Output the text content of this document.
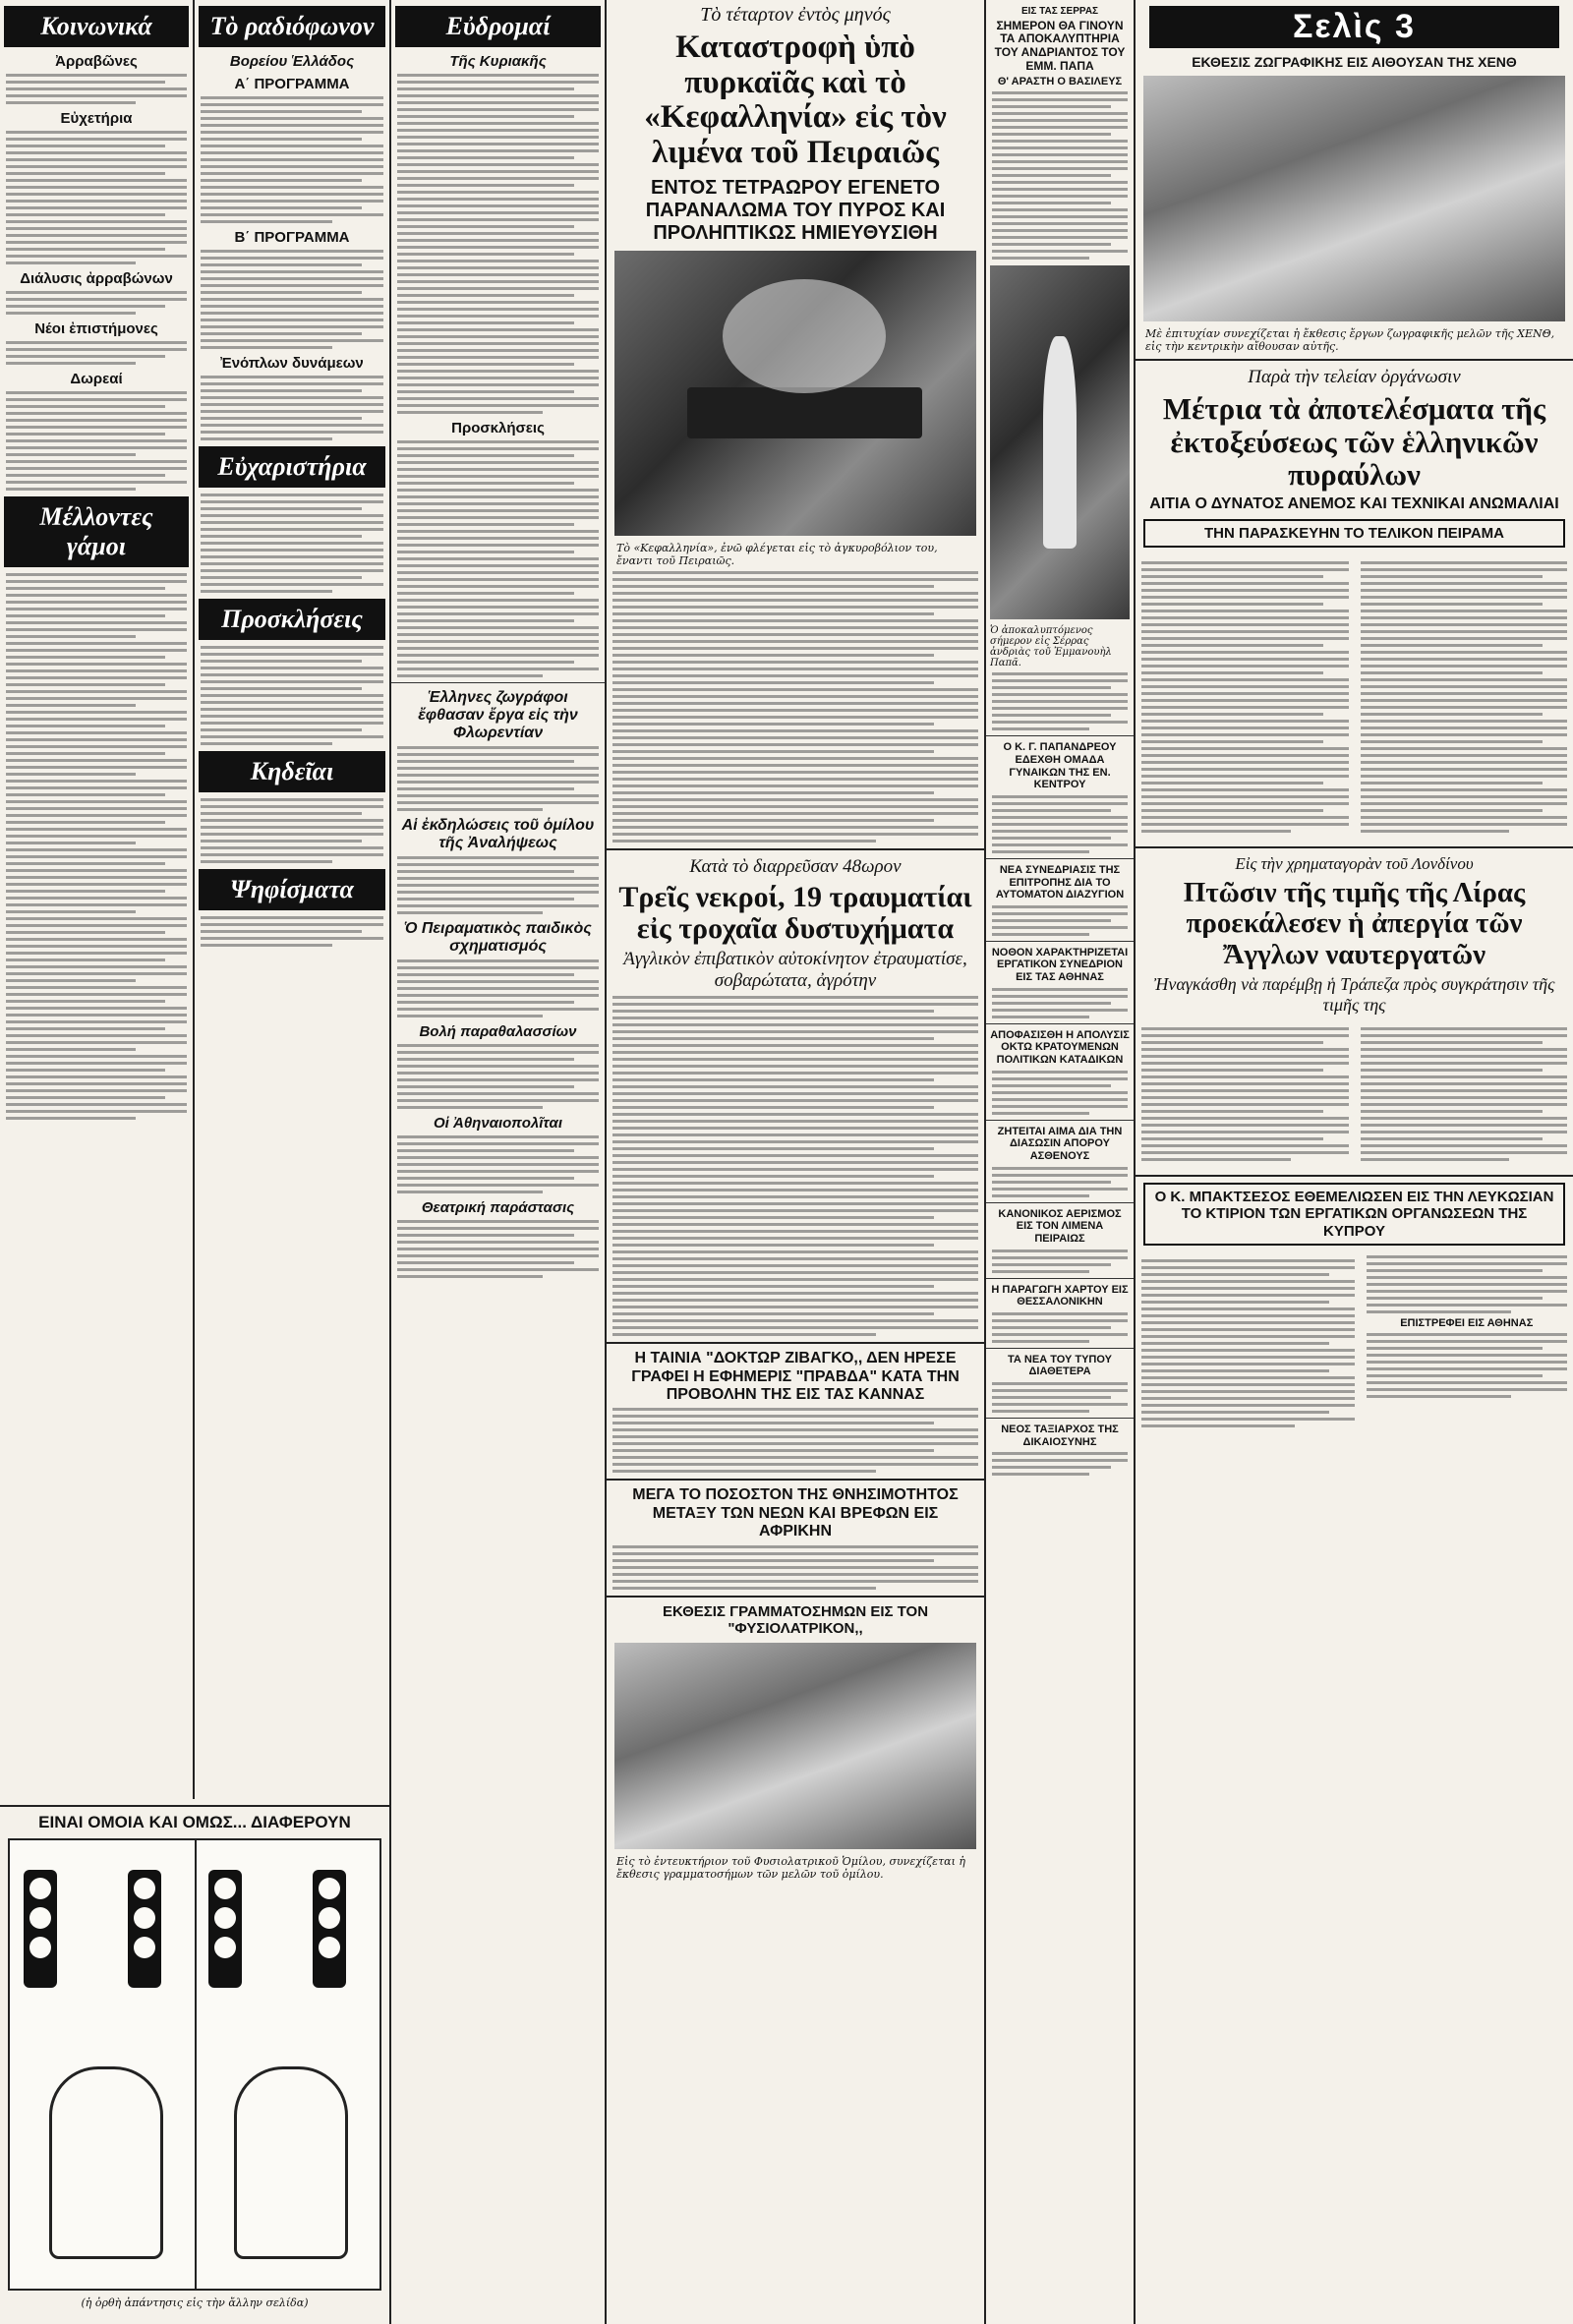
Κοινωνικά
Ἀρραβῶνες
Εὐχετήρια
Διάλυσις ἀρραβώνων
Νέοι ἐπιστήμονες
Δωρεαί
Μέλλοντες γάμοι
ΕΙΝΑΙ ΟΜΟΙΑ ΚΑΙ ΟΜΩΣ... ΔΙΑΦΕΡΟΥΝ
(ἡ ὀρθὴ ἀπάντησις εἰς τὴν ἄλλην σελίδα)
Τὸ ραδιόφωνον
Βορείου Ἑλλάδος
Α΄ ΠΡΟΓΡΑΜΜΑ
Β΄ ΠΡΟΓΡΑΜΜΑ
Ἐνόπλων δυνάμεων
Εὐχαριστήρια
Προσκλήσεις
Κηδεῖαι
Ψηφίσματα
Εὐδρομαί
Τῆς Κυριακῆς
Προσκλήσεις
Ἑλληνες ζωγράφοι ἔφθασαν ἔργα εἰς τὴν Φλωρεντίαν
Αἱ ἐκδηλώσεις τοῦ ὁμίλου τῆς Ἀναλήψεως
Ὁ Πειραματικὸς παιδικὸς σχηματισμός
Βολή παραθαλασσίων
Οἱ Ἀθηναιοπολῖται
Θεατρική παράστασις
Τὸ τέταρτον ἐντὸς μηνός
Καταστροφὴ ὑπὸ πυρκαϊᾶς καὶ τὸ «Κεφαλληνία» εἰς τὸν λιμένα τοῦ Πειραιῶς
ΕΝΤΟΣ ΤΕΤΡΑΩΡΟΥ ΕΓΕΝΕΤΟ ΠΑΡΑΝΑΛΩΜΑ ΤΟΥ ΠΥΡΟΣ ΚΑΙ ΠΡΟΛΗΠΤΙΚΩΣ ΗΜΙΕΥΘΥΣΙΘΗ
Τὸ «Κεφαλληνία», ἐνῶ φλέγεται εἰς τὸ ἀγκυροβόλιον του, ἔναντι τοῦ Πειραιῶς.
Κατὰ τὸ διαρρεῦσαν 48ωρον
Τρεῖς νεκροί, 19 τραυματίαι εἰς τροχαῖα δυστυχήματα
Ἀγγλικὸν ἐπιβατικὸν αὐτοκίνητον ἐτραυματίσε, σοβαρώτατα, ἀγρότην
Η ΤΑΙΝΙΑ "ΔΟΚΤΩΡ ΖΙΒΑΓΚΟ,, ΔΕΝ ΗΡΕΣΕ ΓΡΑΦΕΙ Η ΕΦΗΜΕΡΙΣ "ΠΡΑΒΔΑ" ΚΑΤΑ ΤΗΝ ΠΡΟΒΟΛΗΝ ΤΗΣ ΕΙΣ ΤΑΣ ΚΑΝΝΑΣ
ΜΕΓΑ ΤΟ ΠΟΣΟΣΤΟΝ ΤΗΣ ΘΝΗΣΙΜΟΤΗΤΟΣ ΜΕΤΑΞΥ ΤΩΝ ΝΕΩΝ ΚΑΙ ΒΡΕΦΩΝ ΕΙΣ ΑΦΡΙΚΗΝ
ΕΚΘΕΣΙΣ ΓΡΑΜΜΑΤΟΣΗΜΩΝ ΕΙΣ ΤΟΝ "ΦΥΣΙΟΛΑΤΡΙΚΟΝ,,
Εἰς τὸ ἐντευκτήριον τοῦ Φυσιολατρικοῦ Ὁμίλου, συνεχίζεται ἡ ἔκθεσις γραμματοσήμων τῶν μελῶν τοῦ ὁμίλου.
ΕΙΣ ΤΑΣ ΣΕΡΡΑΣ
ΣΗΜΕΡΟΝ ΘΑ ΓΙΝΟΥΝ ΤΑ ΑΠΟΚΑΛΥΠΤΗΡΙΑ ΤΟΥ ΑΝΔΡΙΑΝΤΟΣ ΤΟΥ ΕΜΜ. ΠΑΠΑ
Θ' ΑΡΑΣΤΗ Ο ΒΑΣΙΛΕΥΣ
Ὁ ἀποκαλυπτόμενος σήμερον εἰς Σέρρας ἀνδριὰς τοῦ Ἐμμανουὴλ Παπᾶ.
Ο Κ. Γ. ΠΑΠΑΝΔΡΕΟΥ ΕΔΕΧΘΗ ΟΜΑΔΑ ΓΥΝΑΙΚΩΝ ΤΗΣ ΕΝ. ΚΕΝΤΡΟΥ
ΝΕΑ ΣΥΝΕΔΡΙΑΣΙΣ ΤΗΣ ΕΠΙΤΡΟΠΗΣ ΔΙΑ ΤΟ ΑΥΤΟΜΑΤΟΝ ΔΙΑΖΥΓΙΟΝ
ΝΟΘΟΝ ΧΑΡΑΚΤΗΡΙΖΕΤΑΙ ΕΡΓΑΤΙΚΟΝ ΣΥΝΕΔΡΙΟΝ ΕΙΣ ΤΑΣ ΑΘΗΝΑΣ
ΑΠΟΦΑΣΙΣΘΗ Η ΑΠΟΛΥΣΙΣ ΟΚΤΩ ΚΡΑΤΟΥΜΕΝΩΝ ΠΟΛΙΤΙΚΩΝ ΚΑΤΑΔΙΚΩΝ
ΖΗΤΕΙΤΑΙ ΑΙΜΑ ΔΙΑ ΤΗΝ ΔΙΑΣΩΣΙΝ ΑΠΟΡΟΥ ΑΣΘΕΝΟΥΣ
ΚΑΝΟΝΙΚΟΣ ΑΕΡΙΣΜΟΣ ΕΙΣ ΤΟΝ ΛΙΜΕΝΑ ΠΕΙΡΑΙΩΣ
Η ΠΑΡΑΓΩΓΗ ΧΑΡΤΟΥ ΕΙΣ ΘΕΣΣΑΛΟΝΙΚΗΝ
ΤΑ ΝΕΑ ΤΟΥ ΤΥΠΟΥ ΔΙΑΘΕΤΕΡΑ
ΝΕΟΣ ΤΑΞΙΑΡΧΟΣ ΤΗΣ ΔΙΚΑΙΟΣΥΝΗΣ
Σελὶς 3
ΕΚΘΕΣΙΣ ΖΩΓΡΑΦΙΚΗΣ ΕΙΣ ΑΙΘΟΥΣΑΝ ΤΗΣ ΧΕΝΘ
Μὲ ἐπιτυχίαν συνεχίζεται ἡ ἔκθεσις ἔργων ζωγραφικῆς μελῶν τῆς ΧΕΝΘ, εἰς τὴν κεντρικὴν αἴθουσαν αὐτῆς.
Παρὰ τὴν τελείαν ὀργάνωσιν
Μέτρια τὰ ἀποτελέσματα τῆς ἐκτοξεύσεως τῶν ἑλληνικῶν πυραύλων
ΑΙΤΙΑ Ο ΔΥΝΑΤΟΣ ΑΝΕΜΟΣ ΚΑΙ ΤΕΧΝΙΚΑΙ ΑΝΩΜΑΛΙΑΙ
ΤΗΝ ΠΑΡΑΣΚΕΥΗΝ ΤΟ ΤΕΛΙΚΟΝ ΠΕΙΡΑΜΑ
Εἰς τὴν χρηματαγορὰν τοῦ Λονδίνου
Πτῶσιν τῆς τιμῆς τῆς Λίρας προεκάλεσεν ἡ ἀπεργία τῶν Ἄγγλων ναυτεργατῶν
Ἠναγκάσθη νὰ παρέμβῃ ἡ Τράπεζα πρὸς συγκράτησιν τῆς τιμῆς της
Ο Κ. ΜΠΑΚΤΣΕΣΟΣ ΕΘΕΜΕΛΙΩΣΕΝ ΕΙΣ ΤΗΝ ΛΕΥΚΩΣΙΑΝ ΤΟ ΚΤΙΡΙΟΝ ΤΩΝ ΕΡΓΑΤΙΚΩΝ ΟΡΓΑΝΩΣΕΩΝ ΤΗΣ ΚΥΠΡΟΥ
ΕΠΙΣΤΡΕΦΕΙ ΕΙΣ ΑΘΗΝΑΣ
